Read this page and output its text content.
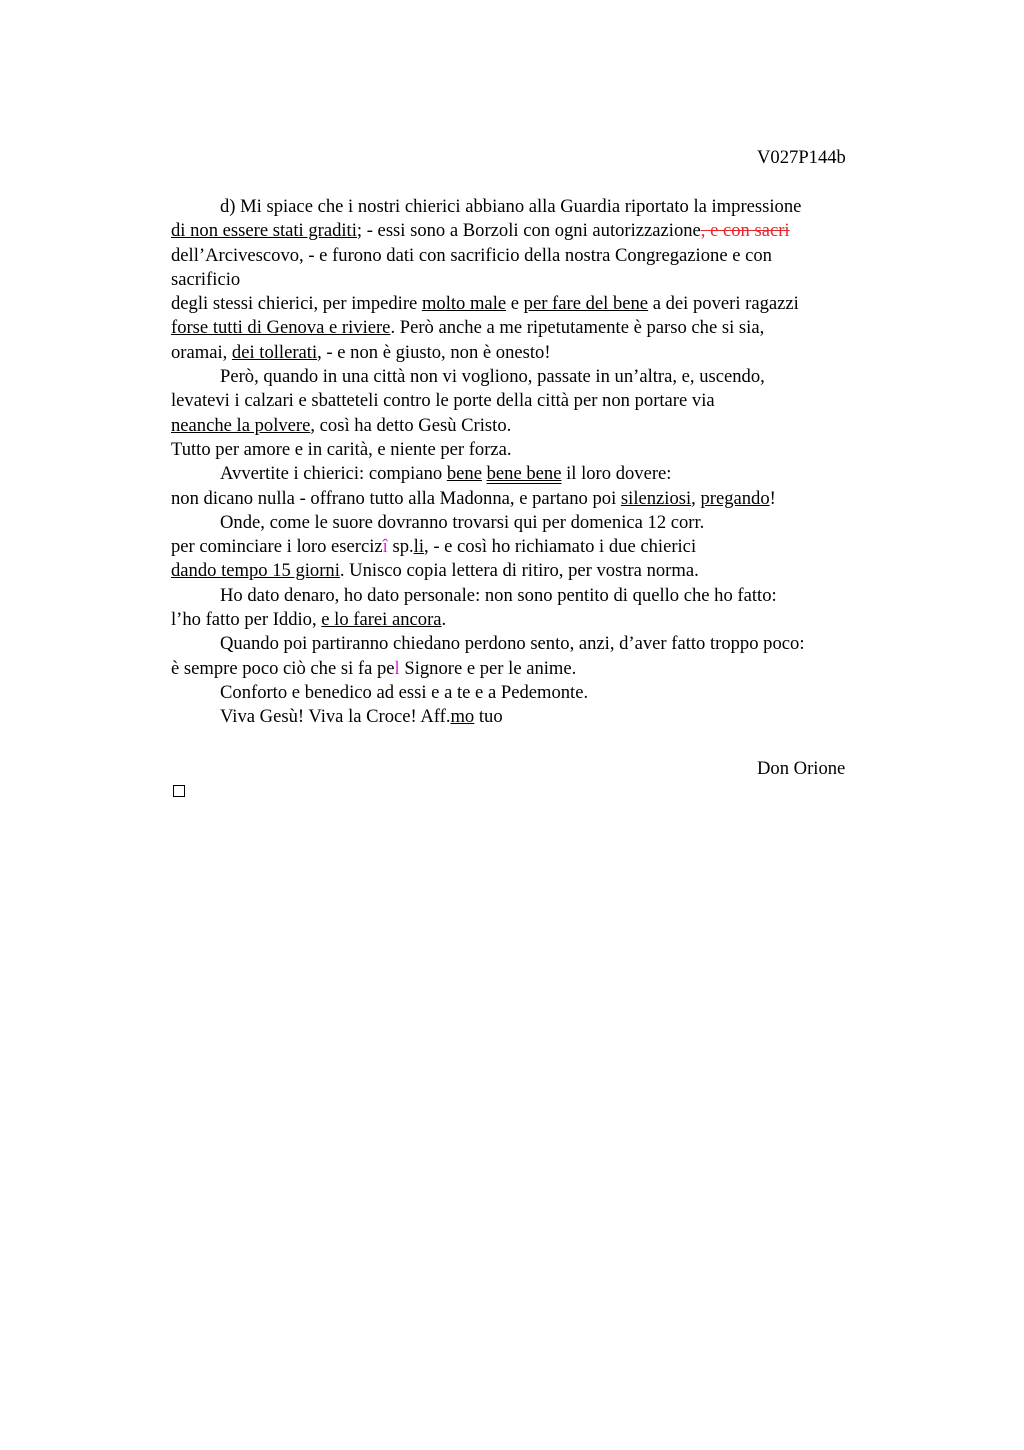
V027P144b
d) Mi spiace che i nostri chierici abbiano alla Guardia riportato la impressione
di non essere stati graditi; - essi sono a Borzoli con ogni autorizzazione, e con sacri
dell’Arcivescovo, - e furono dati con sacrificio della nostra Congregazione e con
sacrificio
degli stessi chierici, per impedire molto male e per fare del bene a dei poveri ragazzi
forse tutti di Genova e riviere. Però anche a me ripetutamente è parso che si sia,
oramai, dei tollerati, - e non è giusto, non è onesto!
Però, quando in una città non vi vogliono, passate in un’altra, e, uscendo,
levatevi i calzari e sbatteteli contro le porte della città per non portare via
neanche la polvere, così ha detto Gesù Cristo.
Tutto per amore e in carità, e niente per forza.
Avvertite i chierici: compiano bene bene bene il loro dovere:
non dicano nulla - offrano tutto alla Madonna, e partano poi silenziosi, pregando!
Onde, come le suore dovranno trovarsi qui per domenica 12 corr.
per cominciare i loro esercizî sp.li, - e così ho richiamato i due chierici
dando tempo 15 giorni. Unisco copia lettera di ritiro, per vostra norma.
Ho dato denaro, ho dato personale: non sono pentito di quello che ho fatto:
l’ho fatto per Iddio, e lo farei ancora.
Quando poi partiranno chiedano perdono sento, anzi, d’aver fatto troppo poco:
è sempre poco ciò che si fa pel Signore e per le anime.
Conforto e benedico ad essi e a te e a Pedemonte.
Viva Gesù! Viva la Croce! Aff.mo tuo
Don Orione
